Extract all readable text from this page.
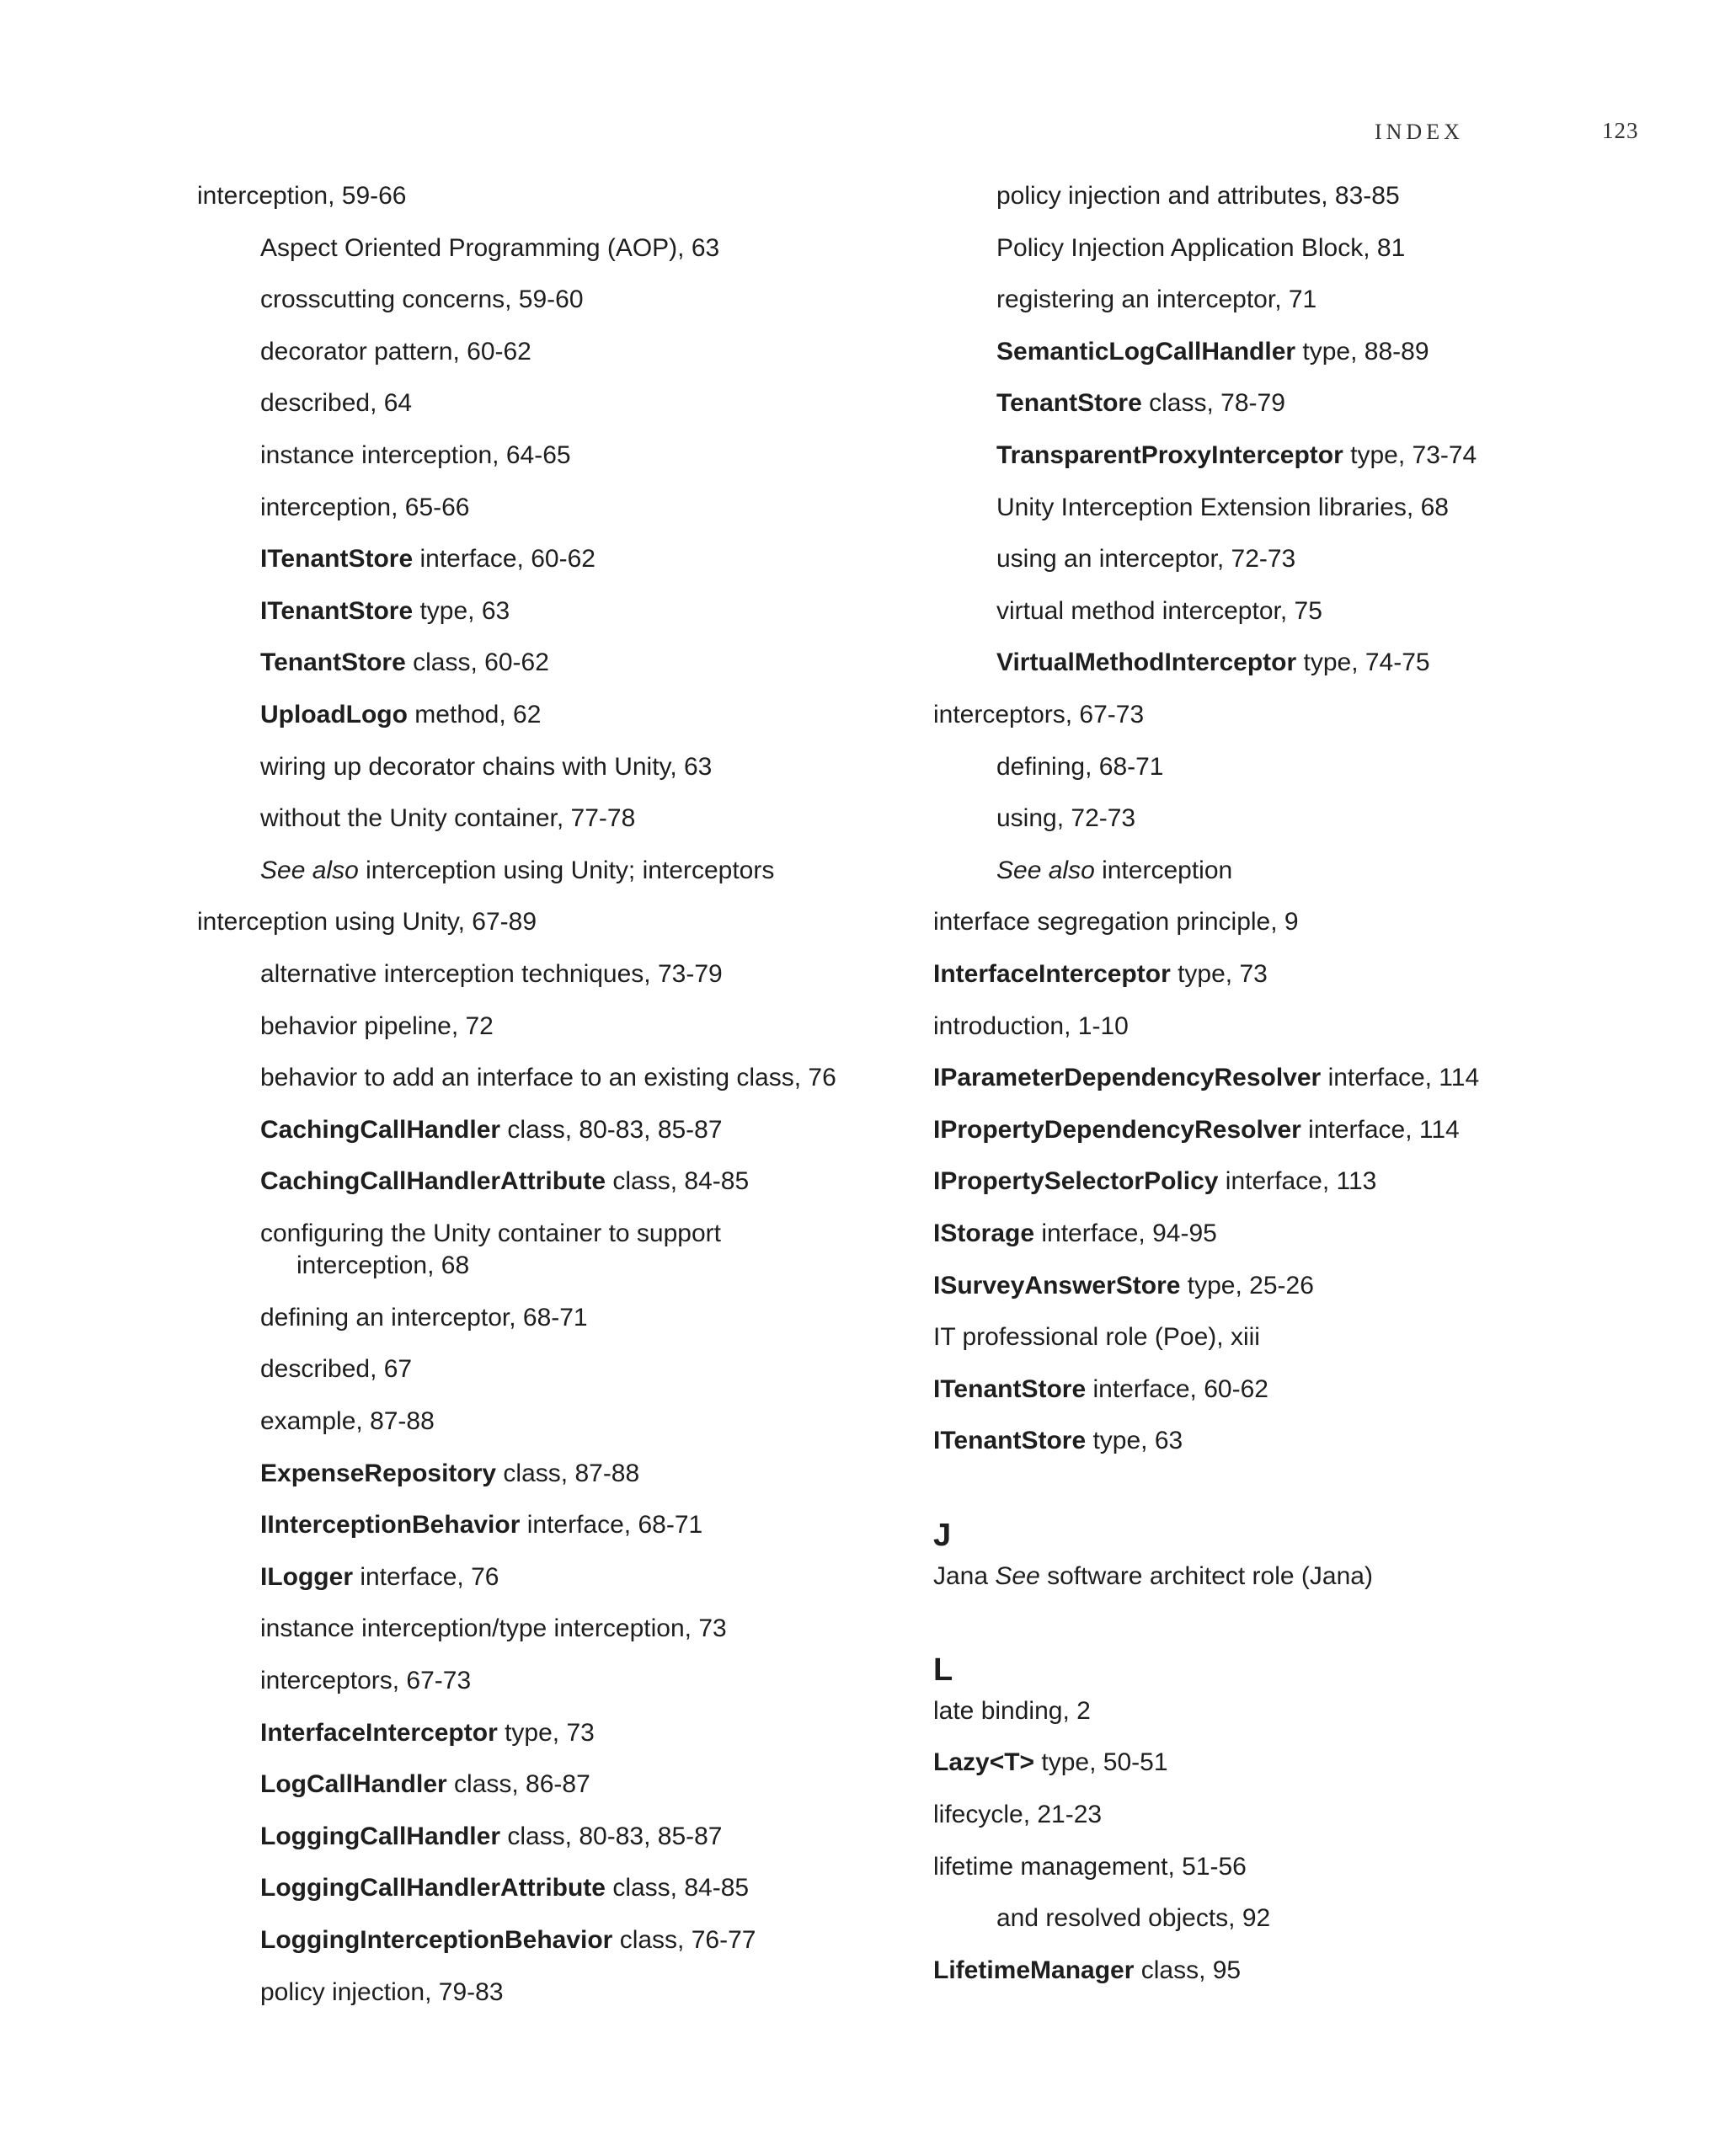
INDEX	123
interception, 59-66
Aspect Oriented Programming (AOP), 63
crosscutting concerns, 59-60
decorator pattern, 60-62
described, 64
instance interception, 64-65
interception, 65-66
ITenantStore interface, 60-62
ITenantStore type, 63
TenantStore class, 60-62
UploadLogo method, 62
wiring up decorator chains with Unity, 63
without the Unity container, 77-78
See also interception using Unity; interceptors
interception using Unity, 67-89
alternative interception techniques, 73-79
behavior pipeline, 72
behavior to add an interface to an existing class, 76
CachingCallHandler class, 80-83, 85-87
CachingCallHandlerAttribute class, 84-85
configuring the Unity container to support
interception, 68
defining an interceptor, 68-71
described, 67
example, 87-88
ExpenseRepository class, 87-88
IInterceptionBehavior interface, 68-71
ILogger interface, 76
instance interception/type interception, 73
interceptors, 67-73
InterfaceInterceptor type, 73
LogCallHandler class, 86-87
LoggingCallHandler class, 80-83, 85-87
LoggingCallHandlerAttribute class, 84-85
LoggingInterceptionBehavior class, 76-77
policy injection, 79-83
policy injection and attributes, 83-85
Policy Injection Application Block, 81
registering an interceptor, 71
SemanticLogCallHandler type, 88-89
TenantStore class, 78-79
TransparentProxyInterceptor type, 73-74
Unity Interception Extension libraries, 68
using an interceptor, 72-73
virtual method interceptor, 75
VirtualMethodInterceptor type, 74-75
interceptors, 67-73
defining, 68-71
using, 72-73
See also interception
interface segregation principle, 9
InterfaceInterceptor type, 73
introduction, 1-10
IParameterDependencyResolver interface, 114
IPropertyDependencyResolver interface, 114
IPropertySelectorPolicy interface, 113
IStorage interface, 94-95
ISurveyAnswerStore type, 25-26
IT professional role (Poe), xiii
ITenantStore interface, 60-62
ITenantStore type, 63
J
Jana See software architect role (Jana)
L
late binding, 2
Lazy<T> type, 50-51
lifecycle, 21-23
lifetime management, 51-56
and resolved objects, 92
LifetimeManager class, 95
